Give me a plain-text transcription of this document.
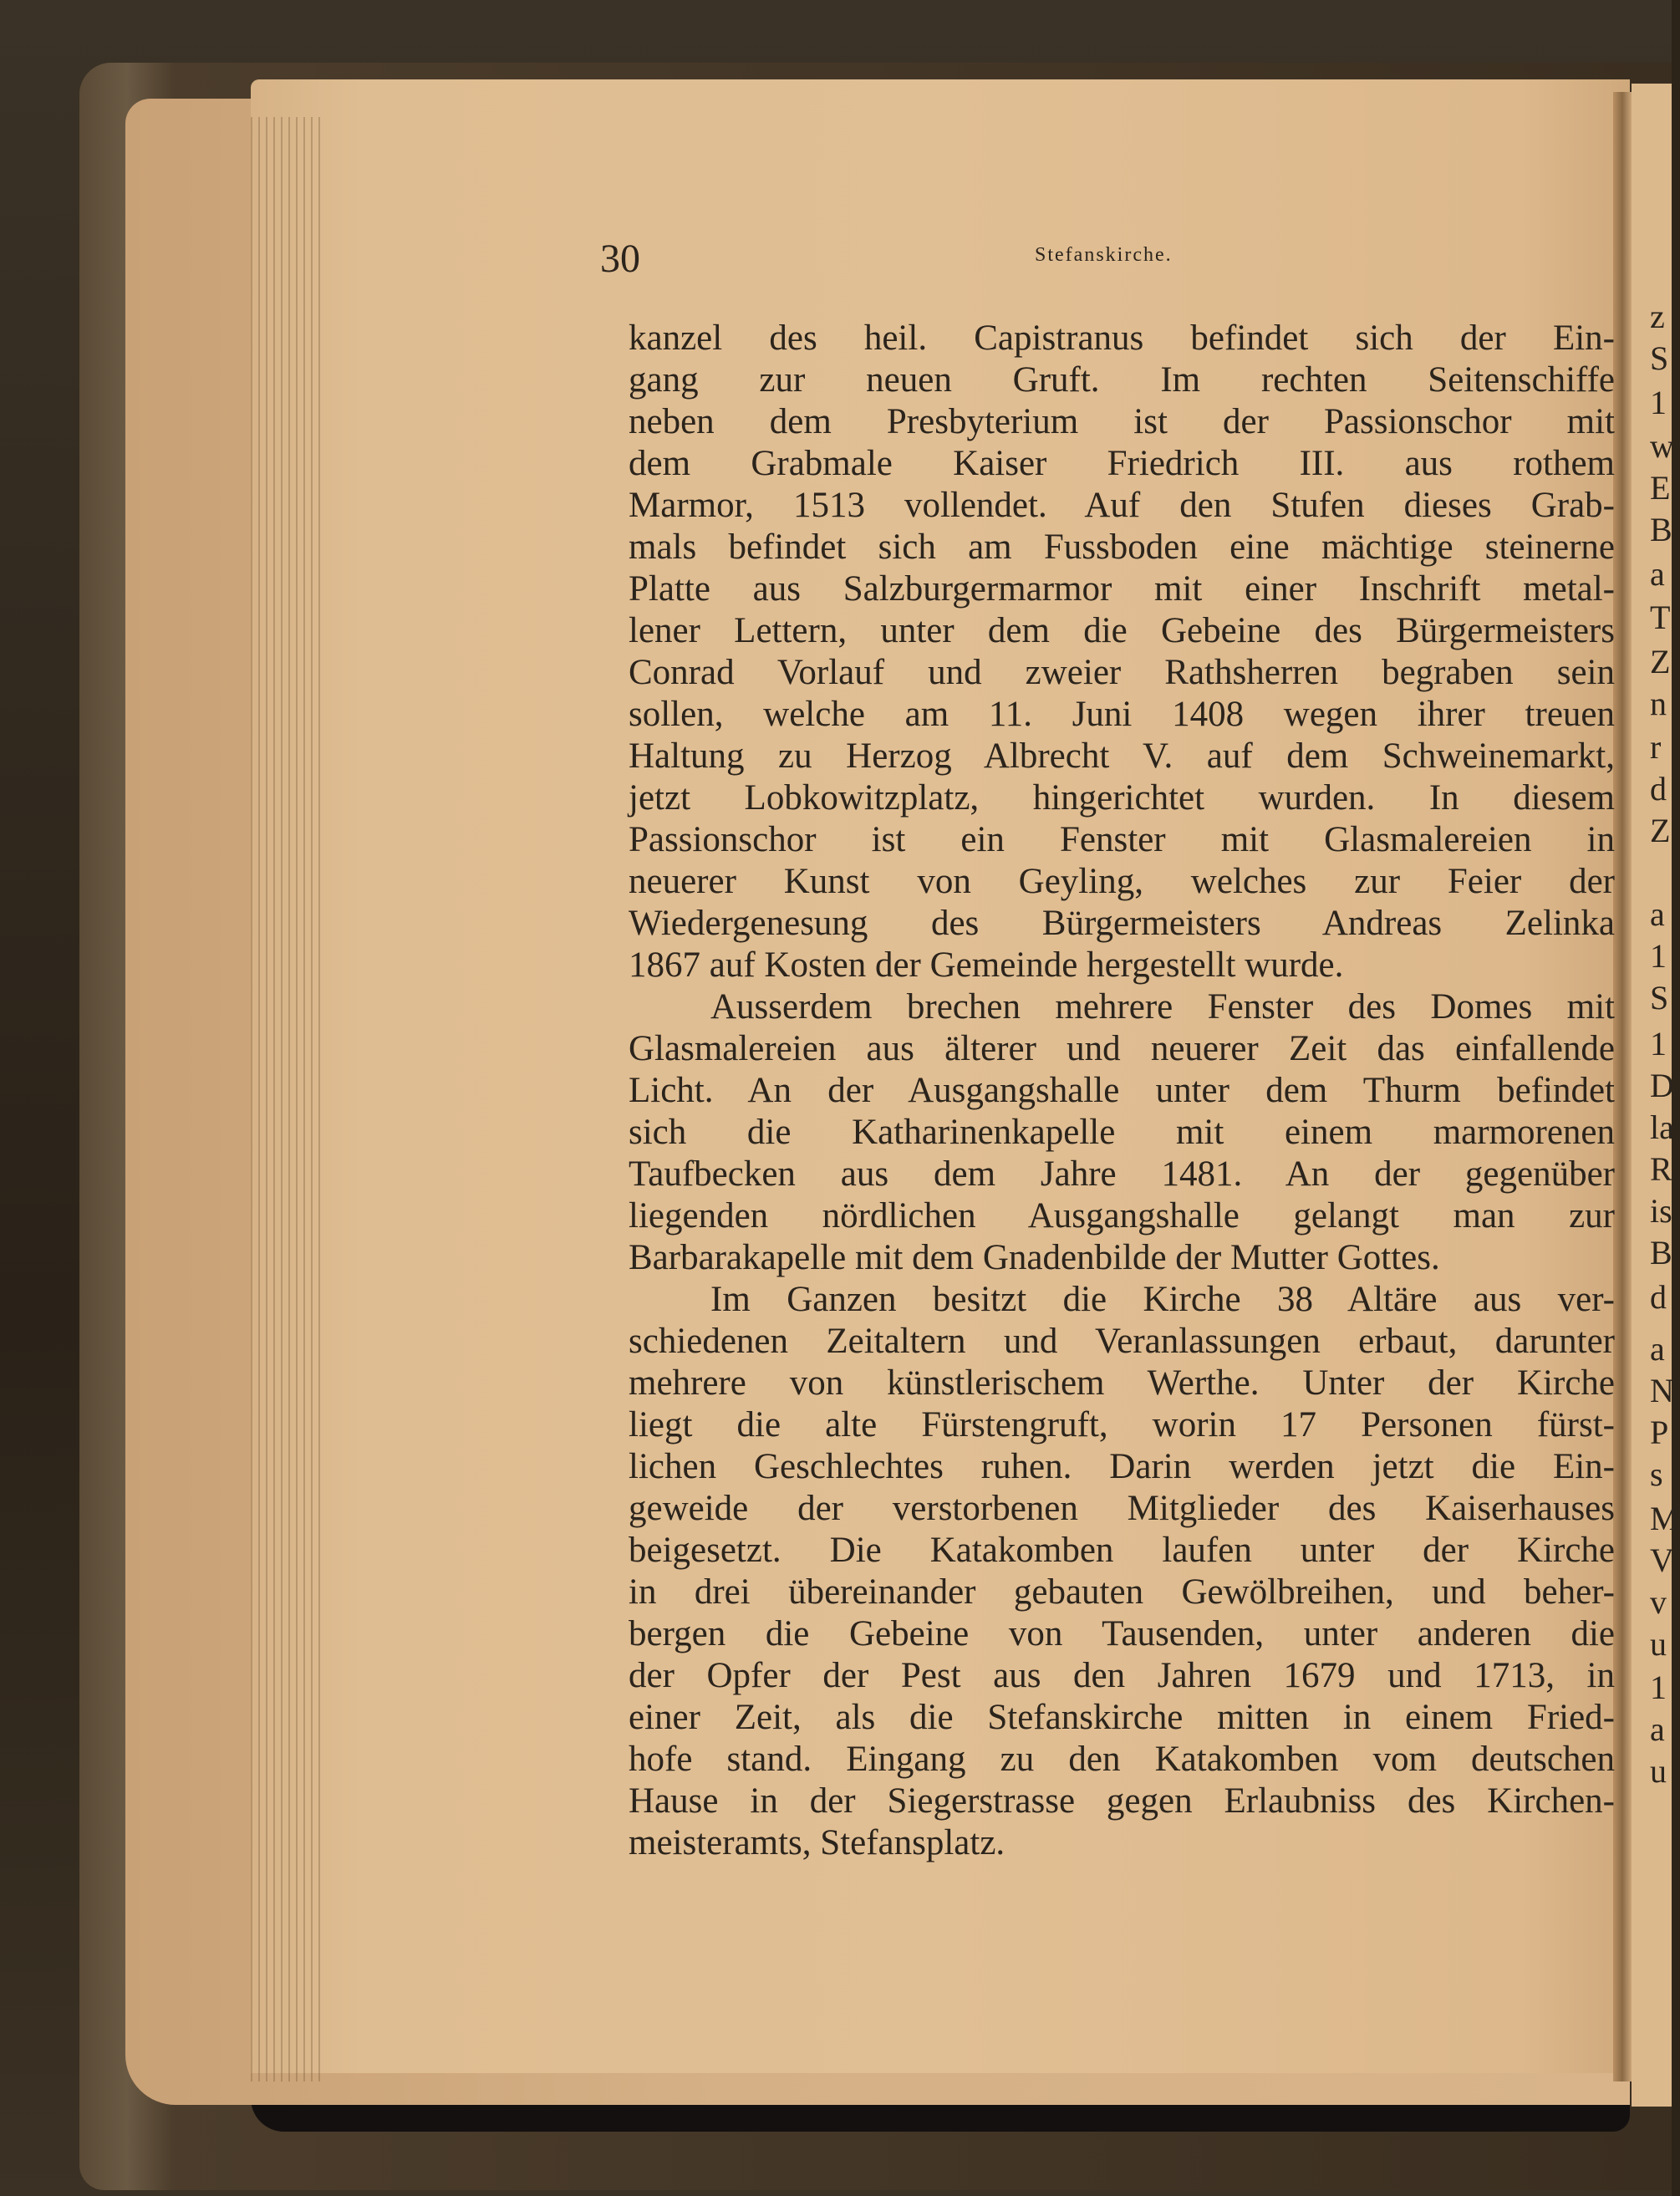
z
S
1
w
E
B
a
T
Z
n
r
d
Z
a
1
S
1
D
la
R
is
B
d
a
N
P
s
M
V
v
u
1
a
u
30	Stefanskirche.
kanzel des heil. Capistranus befindet sich der Ein-
gang zur neuen Gruft. Im rechten Seitenschiffe
neben dem Presbyterium ist der Passionschor mit
dem Grabmale Kaiser Friedrich III. aus rothem
Marmor, 1513 vollendet. Auf den Stufen dieses Grab-
mals befindet sich am Fussboden eine mächtige steinerne
Platte aus Salzburgermarmor mit einer Inschrift metal-
lener Lettern, unter dem die Gebeine des Bürgermeisters
Conrad Vorlauf und zweier Rathsherren begraben sein
sollen, welche am 11. Juni 1408 wegen ihrer treuen
Haltung zu Herzog Albrecht V. auf dem Schweinemarkt,
jetzt Lobkowitzplatz, hingerichtet wurden. In diesem
Passionschor ist ein Fenster mit Glasmalereien in
neuerer Kunst von Geyling, welches zur Feier der
Wiedergenesung des Bürgermeisters Andreas Zelinka
1867 auf Kosten der Gemeinde hergestellt wurde.
Ausserdem brechen mehrere Fenster des Domes mit
Glasmalereien aus älterer und neuerer Zeit das einfallende
Licht. An der Ausgangshalle unter dem Thurm befindet
sich die Katharinenkapelle mit einem marmorenen
Taufbecken aus dem Jahre 1481. An der gegenüber
liegenden nördlichen Ausgangshalle gelangt man zur
Barbarakapelle mit dem Gnadenbilde der Mutter Gottes.
Im Ganzen besitzt die Kirche 38 Altäre aus ver-
schiedenen Zeitaltern und Veranlassungen erbaut, darunter
mehrere von künstlerischem Werthe. Unter der Kirche
liegt die alte Fürstengruft, worin 17 Personen fürst-
lichen Geschlechtes ruhen. Darin werden jetzt die Ein-
geweide der verstorbenen Mitglieder des Kaiserhauses
beigesetzt. Die Katakomben laufen unter der Kirche
in drei übereinander gebauten Gewölbreihen, und beher-
bergen die Gebeine von Tausenden, unter anderen die
der Opfer der Pest aus den Jahren 1679 und 1713, in
einer Zeit, als die Stefanskirche mitten in einem Fried-
hofe stand. Eingang zu den Katakomben vom deutschen
Hause in der Siegerstrasse gegen Erlaubniss des Kirchen-
meisteramts, Stefansplatz.
